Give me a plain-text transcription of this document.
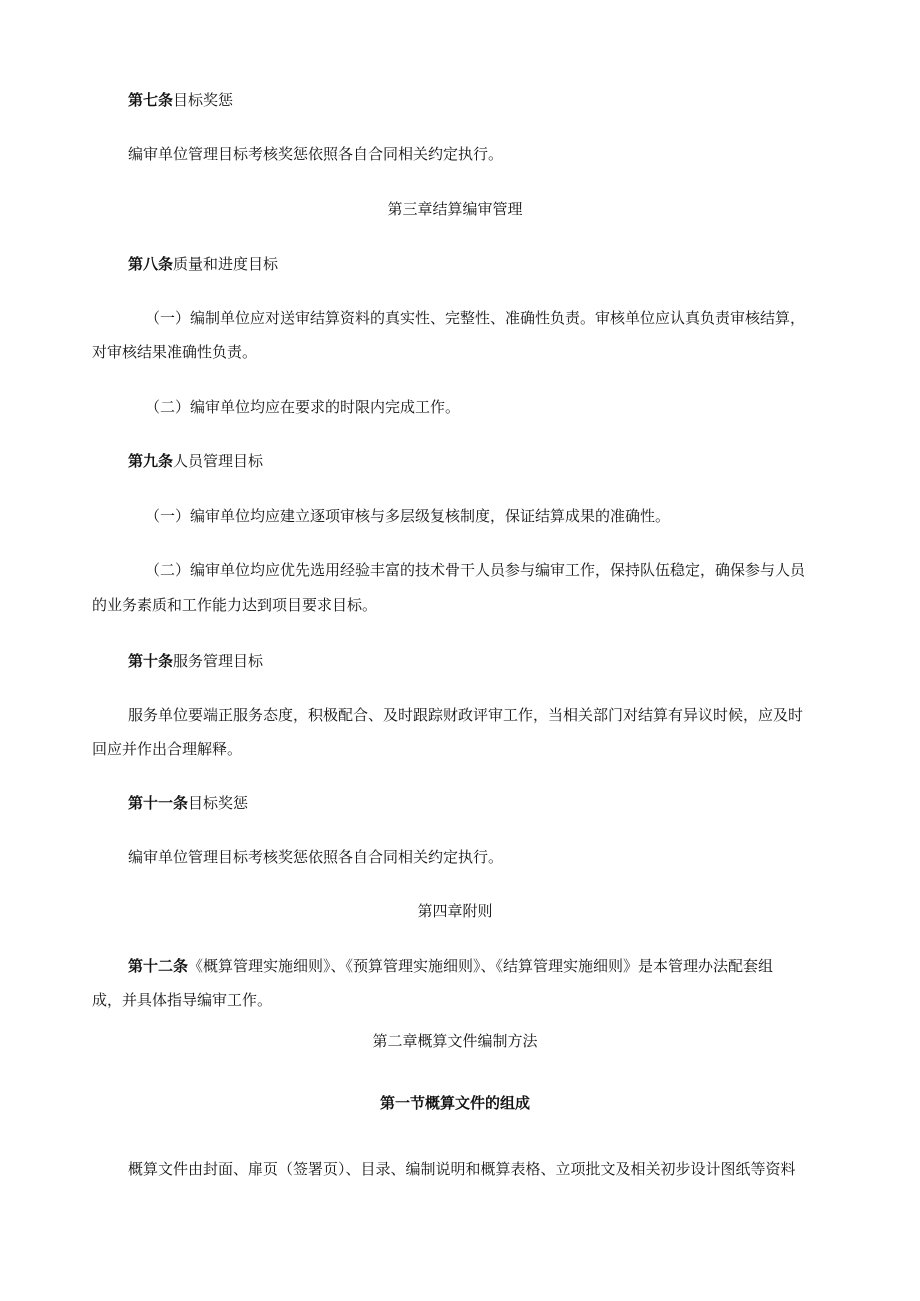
第七条目标奖惩
编审单位管理目标考核奖惩依照各自合同相关约定执行。
第三章结算编审管理
第八条质量和进度目标
（一）编制单位应对送审结算资料的真实性、完整性、准确性负责。审核单位应认真负责审核结算，
对审核结果准确性负责。
（二）编审单位均应在要求的时限内完成工作。
第九条人员管理目标
（一）编审单位均应建立逐项审核与多层级复核制度，保证结算成果的准确性。
（二）编审单位均应优先选用经验丰富的技术骨干人员参与编审工作，保持队伍稳定，确保参与人员
的业务素质和工作能力达到项目要求目标。
第十条服务管理目标
服务单位要端正服务态度，积极配合、及时跟踪财政评审工作，当相关部门对结算有异议时候，应及时
回应并作出合理解释。
第十一条目标奖惩
编审单位管理目标考核奖惩依照各自合同相关约定执行。
第四章附则
第十二条《概算管理实施细则》、《预算管理实施细则》、《结算管理实施细则》是本管理办法配套组
成，并具体指导编审工作。
第二章概算文件编制方法
第一节概算文件的组成
概算文件由封面、扉页（签署页）、目录、编制说明和概算表格、立项批文及相关初步设计图纸等资料
